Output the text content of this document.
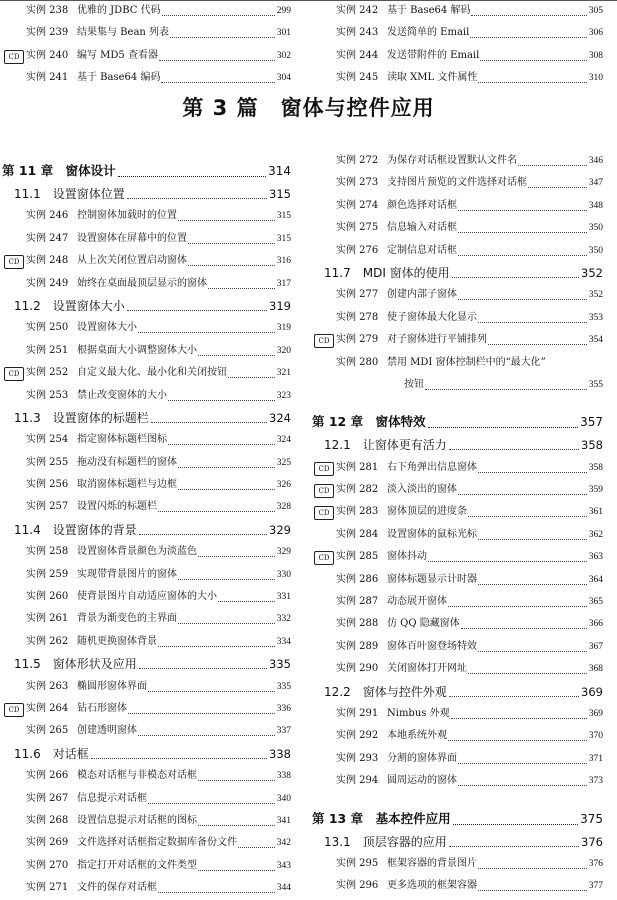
实例 238 优雅的 JDBC 代码	299
实例 239 结果集与 Bean 列表	301
CD 实例 240 编写 MD5 查看器	302
实例 241 基于 Base64 编码	304
实例 242 基于 Base64 解码	305
实例 243 发送简单的 Email	306
实例 244 发送带附件的 Email	308
实例 245 读取 XML 文件属性	310
第 3 篇　窗体与控件应用
第 11 章　窗体设计	314
11.1　设置窗体位置	315
实例 246 控制窗体加载时的位置	315
实例 247 设置窗体在屏幕中的位置	315
CD 实例 248 从上次关闭位置启动窗体	316
实例 249 始终在桌面最顶层显示的窗体	317
11.2　设置窗体大小	319
实例 250 设置窗体大小	319
实例 251 根据桌面大小调整窗体大小	320
CD 实例 252 自定义最大化、最小化和关闭按钮	321
实例 253 禁止改变窗体的大小	323
11.3　设置窗体的标题栏	324
实例 254 指定窗体标题栏图标	324
实例 255 拖动没有标题栏的窗体	325
实例 256 取消窗体标题栏与边框	326
实例 257 设置闪烁的标题栏	328
11.4　设置窗体的背景	329
实例 258 设置窗体背景颜色为淡蓝色	329
实例 259 实现带背景图片的窗体	330
实例 260 使背景图片自动适应窗体的大小	331
实例 261 背景为渐变色的主界面	332
实例 262 随机更换窗体背景	334
11.5　窗体形状及应用	335
实例 263 椭圆形窗体界面	335
CD 实例 264 钻石形窗体	336
实例 265 创建透明窗体	337
11.6　对话框	338
实例 266 模态对话框与非模态对话框	338
实例 267 信息提示对话框	340
实例 268 设置信息提示对话框的图标	341
实例 269 文件选择对话框指定数据库备份文件	342
实例 270 指定打开对话框的文件类型	343
实例 271 文件的保存对话框	344
实例 272 为保存对话框设置默认文件名	346
实例 273 支持图片预览的文件选择对话框	347
实例 274 颜色选择对话框	348
实例 275 信息输入对话框	350
实例 276 定制信息对话框	350
11.7　MDI 窗体的使用	352
实例 277 创建内部子窗体	352
实例 278 使子窗体最大化显示	353
CD 实例 279 对子窗体进行平铺排列	354
实例 280 禁用 MDI 窗体控制栏中的“最大化”
按钮	355
第 12 章　窗体特效	357
12.1　让窗体更有活力	358
CD 实例 281 右下角弹出信息窗体	358
CD 实例 282 淡入淡出的窗体	359
CD 实例 283 窗体顶层的进度条	361
实例 284 设置窗体的鼠标光标	362
CD 实例 285 窗体抖动	363
实例 286 窗体标题显示计时器	364
实例 287 动态展开窗体	365
实例 288 仿 QQ 隐藏窗体	366
实例 289 窗体百叶窗登场特效	367
实例 290 关闭窗体打开网址	368
12.2　窗体与控件外观	369
实例 291 Nimbus 外观	369
实例 292 本地系统外观	370
实例 293 分割的窗体界面	371
实例 294 圆周运动的窗体	373
第 13 章　基本控件应用	375
13.1　顶层容器的应用	376
实例 295 框架容器的背景图片	376
实例 296 更多选项的框架容器	377
